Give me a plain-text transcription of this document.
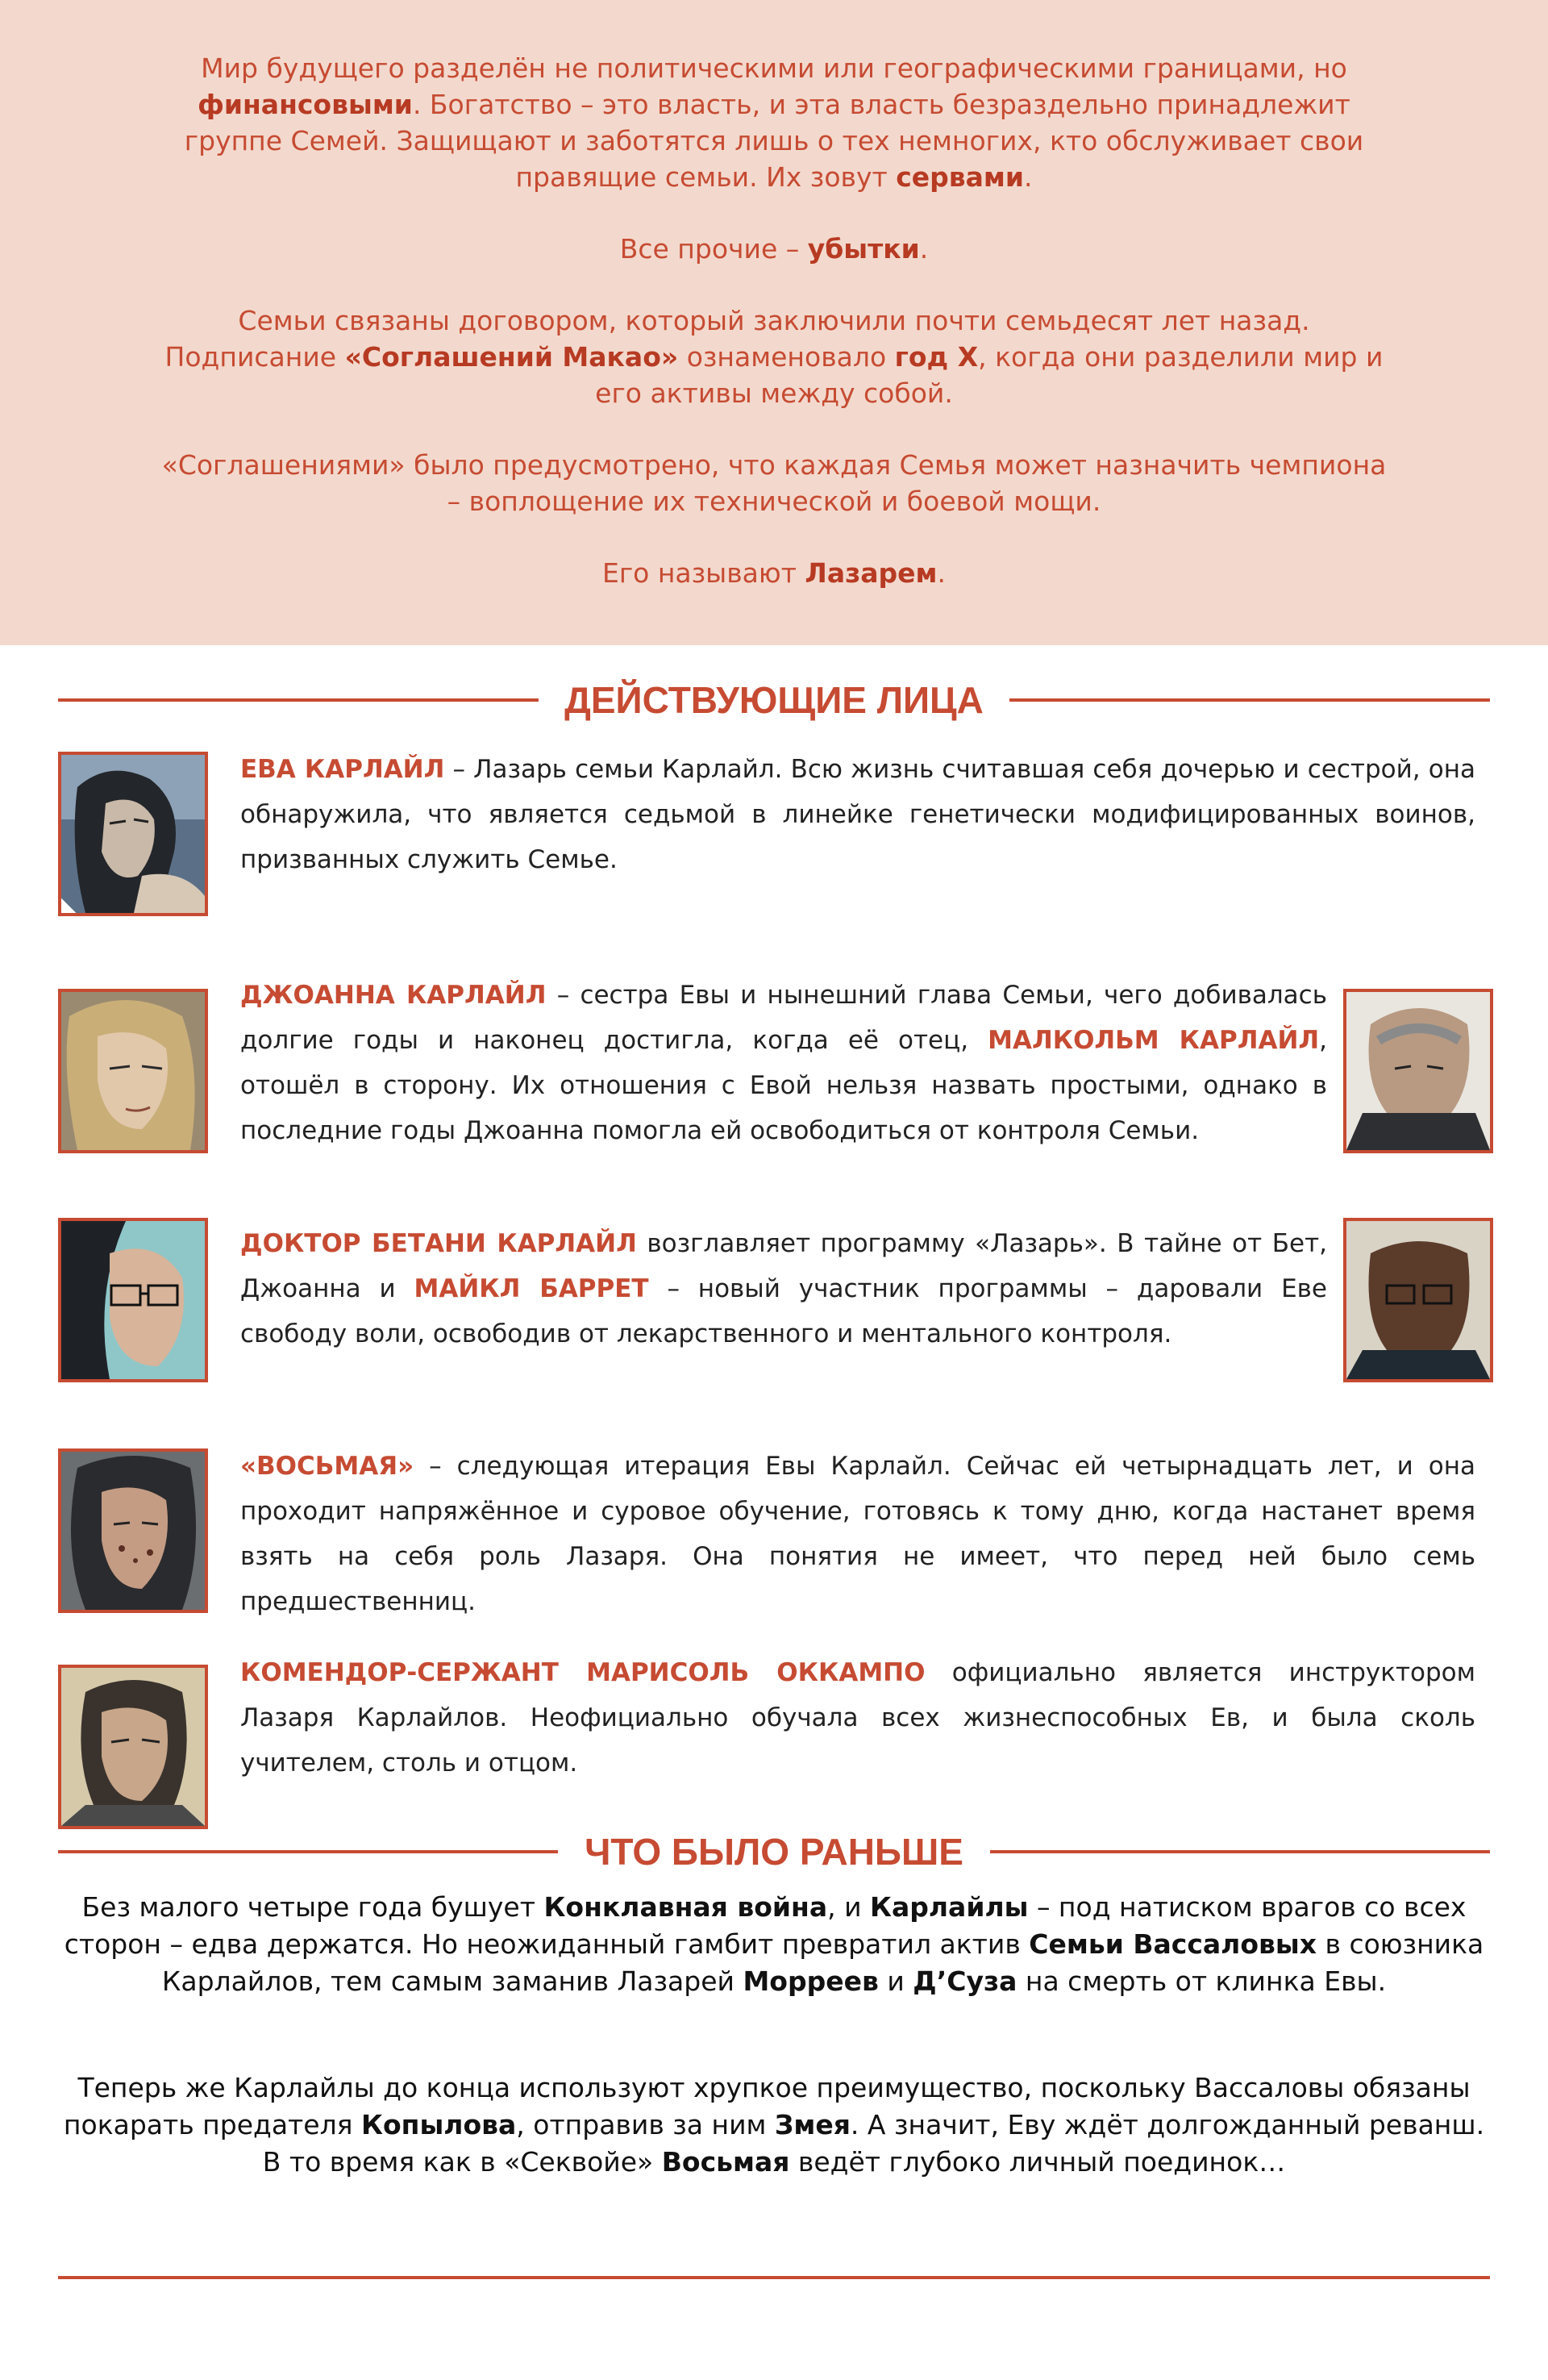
Мир будущего разделён не политическими или географическими границами, но финансовыми. Богатство – это власть, и эта власть безраздельно принадлежит группе Семей. Защищают и заботятся лишь о тех немногих, кто обслуживает свои правящие семьи. Их зовут сервами.

Все прочие – убытки.

Семьи связаны договором, который заключили почти семьдесят лет назад. Подписание «Соглашений Макао» ознаменовало год Х, когда они разделили мир и его активы между собой.

«Соглашениями» было предусмотрено, что каждая Семья может назначить чемпиона – воплощение их технической и боевой мощи.

Его называют Лазарем.

ДЕЙСТВУЮЩИЕ ЛИЦА
ЕВА КАРЛАЙЛ – Лазарь семьи Карлайл. Всю жизнь считавшая себя дочерью и сестрой, она обнаружила, что является седьмой в линейке генетически модифицированных воинов, призванных служить Семье.
ДЖОАННА КАРЛАЙЛ – сестра Евы и нынешний глава Семьи, чего добивалась долгие годы и наконец достигла, когда её отец, МАЛКОЛЬМ КАРЛАЙЛ, отошёл в сторону. Их отношения с Евой нельзя назвать простыми, однако в последние годы Джоанна помогла ей освободиться от контроля Семьи.
ДОКТОР БЕТАНИ КАРЛАЙЛ возглавляет программу «Лазарь». В тайне от Бет, Джоанна и МАЙКЛ БАРРЕТ – новый участник программы – даровали Еве свободу воли, освободив от лекарственного и ментального контроля.
«ВОСЬМАЯ» – следующая итерация Евы Карлайл. Сейчас ей четырнадцать лет, и она проходит напряжённое и суровое обучение, готовясь к тому дню, когда настанет время взять на себя роль Лазаря. Она понятия не имеет, что перед ней было семь предшественниц.
КОМЕНДОР-СЕРЖАНТ МАРИСОЛЬ ОККАМПО официально является инструктором Лазаря Карлайлов. Неофициально обучала всех жизнеспособных Ев, и была сколь учителем, столь и отцом.
ЧТО БЫЛО РАНЬШЕ
Без малого четыре года бушует Конклавная война, и Карлайлы – под натиском врагов со всех сторон – едва держатся. Но неожиданный гамбит превратил актив Семьи Вассаловых в союзника Карлайлов, тем самым заманив Лазарей Морреев и Д’Суза на смерть от клинка Евы.
Теперь же Карлайлы до конца используют хрупкое преимущество, поскольку Вассаловы обязаны покарать предателя Копылова, отправив за ним Змея. А значит, Еву ждёт долгожданный реванш. В то время как в «Секвойе» Восьмая ведёт глубоко личный поединок…
